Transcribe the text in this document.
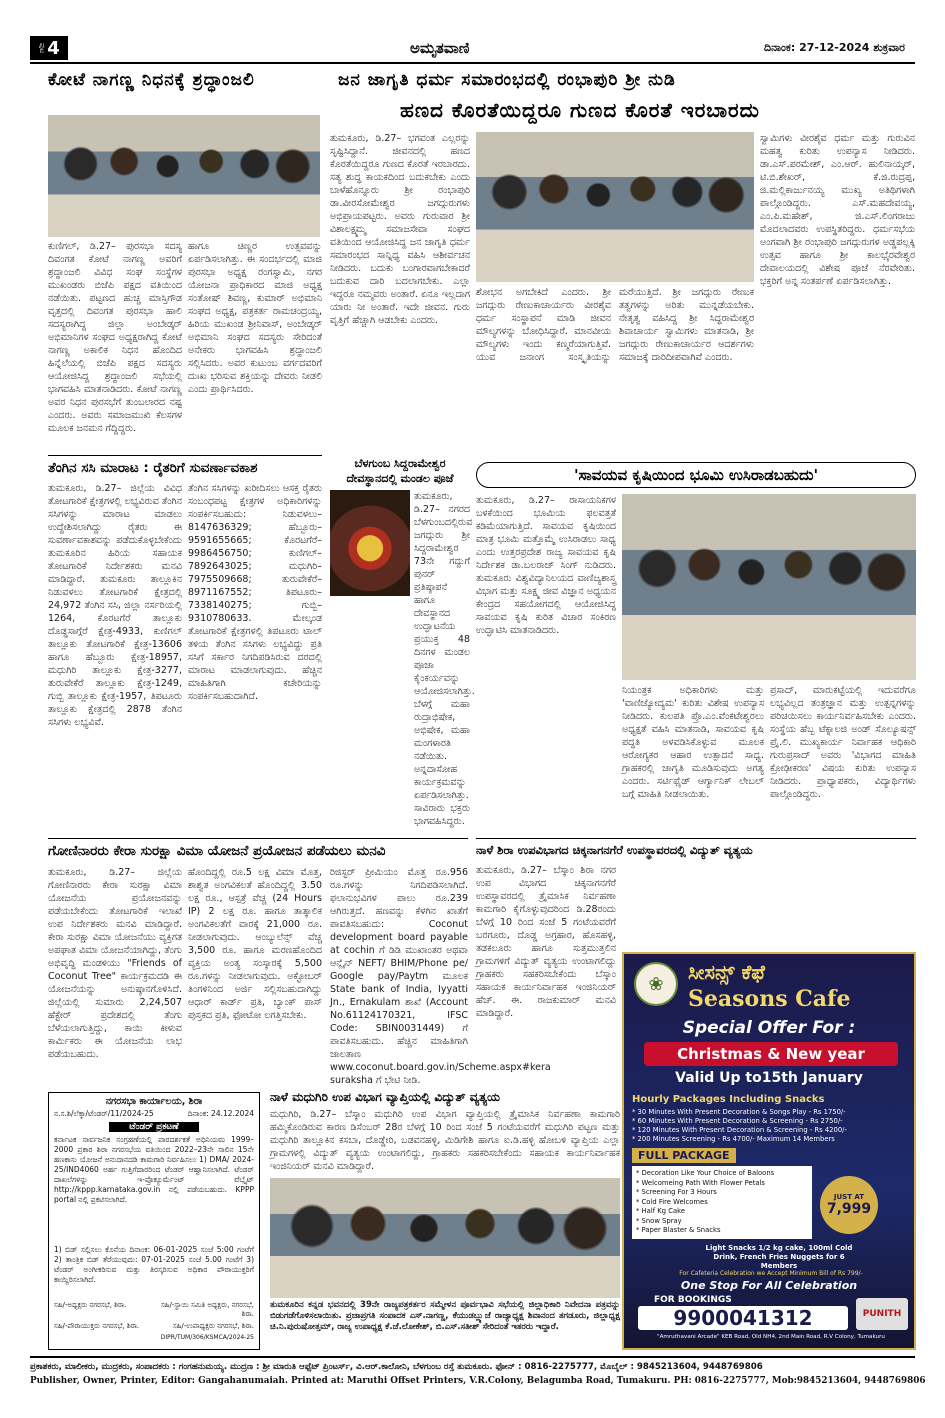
ಪುಟ 4	ಅಮೃತವಾಣಿ	ದಿನಾಂಕ: 27-12-2024 ಶುಕ್ರವಾರ
ಕೋಟೆ ನಾಗಣ್ಣ ನಿಧನಕ್ಕೆ ಶ್ರದ್ಧಾಂಜಲಿ
ಕುಣಿಗಲ್, ಡಿ.27– ಪುರಸಭಾ ಸದಸ್ಯ ದಿವಂಗತ ಕೋಟೆ ನಾಗಣ್ಣ ಅವರಿಗೆ ಶ್ರದ್ಧಾಂಜಲಿ ವಿವಿಧ ಸಂಘ ಸಂಸ್ಥೆಗಳ ಮುಖಂಡರು ಬಿಜೆಪಿ ಪಕ್ಷದ ವತಿಯಿಂದ ನಡೆಯಿತು. ಪಟ್ಟಣದ ಹುಚ್ಚ ಮಾಸ್ತಿಗೌಡ ವೃತ್ತದಲ್ಲಿ ದಿವಂಗತ ಪುರಸಭಾ ಹಾಲಿ ಸದಸ್ಯರಾಗಿದ್ದ ಜಿಲ್ಲಾ ಅಂಬೇಡ್ಕರ್ ಅಭಿಮಾನಿಗಳ ಸಂಘದ ಅಧ್ಯಕ್ಷರಾಗಿದ್ದ ಕೋಟೆ ನಾಗಣ್ಣ ಅಕಾಲಿಕ ನಿಧನ ಹೊಂದಿದ ಹಿನ್ನೆಲೆಯಲ್ಲಿ ಬಿಜೆಪಿ ಪಕ್ಷದ ಸದಸ್ಯರು ಆಯೋಜಿಸಿದ್ದ ಶ್ರದ್ಧಾಂಜಲಿ ಸಭೆಯಲ್ಲಿ ಭಾಗವಹಿಸಿ ಮಾತನಾಡಿದರು. ಕೋಟೆ ನಾಗಣ್ಣ ಅವರ ನಿಧನ ಪುರಸಭೆಗೆ ತುಂಬಲಾರದ ನಷ್ಟ ಎಂದರು. ಅವರು ಸಮಾಜಮುಖಿ ಕೆಲಸಗಳ ಮೂಲಕ ಜನಮನ ಗೆದ್ದಿದ್ದರು.
ಹಾಗೂ ಚಿಣ್ಣರ ಉತ್ಸವವನ್ನು ಏರ್ಪಡಿಸಲಾಗಿತ್ತು. ಈ ಸಂದರ್ಭದಲ್ಲಿ ಮಾಜಿ ಪುರಸಭಾ ಅಧ್ಯಕ್ಷ ರಂಗಸ್ವಾಮಿ, ನಗರ ಯೋಜನಾ ಪ್ರಾಧಿಕಾರದ ಮಾಜಿ ಅಧ್ಯಕ್ಷ ಸಂತೋಷ್ ಶಿವಣ್ಣ, ಕುಮಾರ್ ಅಭಿಮಾನಿ ಸಂಘದ ಅಧ್ಯಕ್ಷ, ಪತ್ರಕರ್ತ ರಾಮಚಂದ್ರಯ್ಯ, ಹಿರಿಯ ಮುಖಂಡ ಶ್ರೀನಿವಾಸ್, ಅಂಬೇಡ್ಕರ್ ಅಭಿಮಾನಿ ಸಂಘದ ಸದಸ್ಯರು ಸೇರಿದಂತೆ ಅನೇಕರು ಭಾಗವಹಿಸಿ ಶ್ರದ್ಧಾಂಜಲಿ ಸಲ್ಲಿಸಿದರು. ಅವರ ಕುಟುಂಬ ವರ್ಗದವರಿಗೆ ದುಃಖ ಭರಿಸುವ ಶಕ್ತಿಯನ್ನು ದೇವರು ನೀಡಲಿ ಎಂದು ಪ್ರಾರ್ಥಿಸಿದರು.
ತೆಂಗಿನ ಸಸಿ ಮಾರಾಟ : ರೈತರಿಗೆ ಸುವರ್ಣಾವಕಾಶ
ತುಮಕೂರು, ಡಿ.27– ಜಿಲ್ಲೆಯ ವಿವಿಧ ತೋಟಗಾರಿಕೆ ಕ್ಷೇತ್ರಗಳಲ್ಲಿ ಲಭ್ಯವಿರುವ ತೆಂಗಿನ ಸಸಿಗಳನ್ನು ಮಾರಾಟ ಮಾಡಲು ಉದ್ದೇಶಿಸಲಾಗಿದ್ದು ರೈತರು ಈ ಸುವರ್ಣಾವಕಾಶವನ್ನು ಪಡೆದುಕೊಳ್ಳಬೇಕೆಂದು ತುಮಕೂರಿನ ಹಿರಿಯ ಸಹಾಯಕ ತೋಟಗಾರಿಕೆ ನಿರ್ದೇಶಕರು ಮನವಿ ಮಾಡಿದ್ದಾರೆ. ತುಮಕೂರು ತಾಲ್ಲೂಕಿನ ನಿಡುವಳಲು ತೋಟಗಾರಿಕೆ ಕ್ಷೇತ್ರದಲ್ಲಿ 24,972 ತೆಂಗಿನ ಸಸಿ, ಜಿಲ್ಲಾ ನರ್ಸರಿಯಲ್ಲಿ 1264, ಕೊರಟಗೆರೆ ತಾಲ್ಲೂಕು ದೊಡ್ಡಸಾಗ್ಗೆರೆ ಕ್ಷೇತ್ರ-4933, ಕುಣಿಗಲ್ ತಾಲ್ಲೂಕು ತೋಟಗಾರಿಕೆ ಕ್ಷೇತ್ರ-13606 ಹಾಗೂ ಹೆಬ್ಬೂರು ಕ್ಷೇತ್ರ-18957, ಮಧುಗಿರಿ ತಾಲ್ಲೂಕು ಕ್ಷೇತ್ರ-3277, ತುರುವೇಕೆರೆ ತಾಲ್ಲೂಕು ಕ್ಷೇತ್ರ-1249, ಗುಬ್ಬಿ ತಾಲ್ಲೂಕು ಕ್ಷೇತ್ರ-1957, ತಿಪಟೂರು ತಾಲ್ಲೂಕು ಕ್ಷೇತ್ರದಲ್ಲಿ 2878 ತೆಂಗಿನ ಸಸಿಗಳು ಲಭ್ಯವಿವೆ.
ತೆಂಗಿನ ಸಸಿಗಳನ್ನು ಖರೀದಿಸಲು ಆಸಕ್ತ ರೈತರು ಸಂಬಂಧಪಟ್ಟ ಕ್ಷೇತ್ರಗಳ ಅಧಿಕಾರಿಗಳನ್ನು ಸಂಪರ್ಕಿಸಬಹುದು: ನಿಡುವಳಲು–8147636329; ಹೆಬ್ಬೂರು–9591655665; ಕೊರಟಗೆರೆ–9986456750; ಕುಣಿಗಲ್–7892643025; ಮಧುಗಿರಿ–7975509668; ತುರುವೇಕೆರೆ–8971167552; ತಿಪಟೂರು–7338140275; ಗುಬ್ಬಿ–9310780633. ಮೇಲ್ಕಂಡ ತೋಟಗಾರಿಕೆ ಕ್ಷೇತ್ರಗಳಲ್ಲಿ ತಿಪಟೂರು ಟಾಲ್ ತಳಿಯ ತೆಂಗಿನ ಸಸಿಗಳು ಲಭ್ಯವಿದ್ದು ಪ್ರತಿ ಸಸಿಗೆ ಸರ್ಕಾರ ನಿಗದಿಪಡಿಸಿರುವ ದರದಲ್ಲಿ ಮಾರಾಟ ಮಾಡಲಾಗುವುದು. ಹೆಚ್ಚಿನ ಮಾಹಿತಿಗಾಗಿ ಕಚೇರಿಯನ್ನು ಸಂಪರ್ಕಿಸಬಹುದಾಗಿದೆ.
ಗೋಣಿನಾರರು ಕೇರಾ ಸುರಕ್ಷಾ ವಿಮಾ ಯೋಜನೆ ಪ್ರಯೋಜನ ಪಡೆಯಲು ಮನವಿ
ತುಮಕೂರು, ಡಿ.27– ಜಿಲ್ಲೆಯ ಗೋಣಿನಾರರು ಕೇರಾ ಸುರಕ್ಷಾ ವಿಮಾ ಯೋಜನೆಯ ಪ್ರಯೋಜನವನ್ನು ಪಡೆಯಬೇಕೆಂದು ತೋಟಗಾರಿಕೆ ಇಲಾಖೆ ಉಪ ನಿರ್ದೇಶಕರು ಮನವಿ ಮಾಡಿದ್ದಾರೆ. ಕೇರಾ ಸುರಕ್ಷಾ ವಿಮಾ ಯೋಜನೆಯು ವ್ಯಕ್ತಿಗತ ಅಪಘಾತ ವಿಮಾ ಯೋಜನೆಯಾಗಿದ್ದು, ತೆಂಗು ಅಭಿವೃದ್ಧಿ ಮಂಡಳಿಯು "Friends of Coconut Tree" ಕಾರ್ಯಕ್ರಮದಡಿ ಈ ಯೋಜನೆಯನ್ನು ಅನುಷ್ಠಾನಗೊಳಿಸಿದೆ. ಜಿಲ್ಲೆಯಲ್ಲಿ ಸುಮಾರು 2,24,507 ಹೆಕ್ಟೇರ್ ಪ್ರದೇಶದಲ್ಲಿ ತೆಂಗು ಬೆಳೆಯಲಾಗುತ್ತಿದ್ದು, ಕಾಯಿ ಕೀಳುವ ಕಾರ್ಮಿಕರು ಈ ಯೋಜನೆಯ ಲಾಭ ಪಡೆಯಬಹುದು.
ಹೊಂದಿದ್ದಲ್ಲಿ ರೂ.5 ಲಕ್ಷ ವಿಮಾ ಮೊತ್ತ, ಶಾಶ್ವತ ಅಂಗವಿಕಲತೆ ಹೊಂದಿದ್ದಲ್ಲಿ 3.50 ಲಕ್ಷ ರೂ., ಆಸ್ಪತ್ರೆ ವೆಚ್ಚ (24 Hours IP) 2 ಲಕ್ಷ ರೂ. ಹಾಗೂ ತಾತ್ಕಾಲಿಕ ಅಂಗವಿಕಲತೆಗೆ ವಾರಕ್ಕೆ 21,000 ರೂ. ನೀಡಲಾಗುವುದು. ಆಂಬ್ಯುಲೆನ್ಸ್ ವೆಚ್ಚ 3,500 ರೂ. ಹಾಗೂ ಮರಣಹೊಂದಿದ ವ್ಯಕ್ತಿಯ ಅಂತ್ಯ ಸಂಸ್ಕಾರಕ್ಕೆ 5,500 ರೂ.ಗಳನ್ನು ನೀಡಲಾಗುವುದು. ಅಕ್ಟೋಬರ್ ತಿಂಗಳಿನಿಂದ ಅರ್ಜಿ ಸಲ್ಲಿಸಬಹುದಾಗಿದ್ದು ಆಧಾರ್ ಕಾರ್ಡ್ ಪ್ರತಿ, ಬ್ಯಾಂಕ್ ಪಾಸ್ ಪುಸ್ತಕದ ಪ್ರತಿ, ಫೋಟೋ ಲಗತ್ತಿಸಬೇಕು.
ರಿಜಿಸ್ಟರ್ ಪ್ರೀಮಿಯಂ ಮೊತ್ತ ರೂ.956 ರೂ.ಗಳನ್ನು ನಿಗದಿಪಡಿಸಲಾಗಿದೆ. ಫಲಾನುಭವಿಗಳ ಪಾಲು ರೂ.239 ಆಗಿರುತ್ತದೆ. ಹಣವನ್ನು ಕೆಳಗಿನ ಖಾತೆಗೆ ಪಾವತಿಸಬಹುದು: Coconut development board payable at cochin ಗೆ ಡಿಡಿ ಮುಖಾಂತರ ಅಥವಾ ಆನ್ಲೈನ್ NEFT/ BHIM/Phone pe/ Google pay/Paytm ಮೂಲಕ State bank of India, Iyyatti Jn., Ernakulam ಶಾಖೆ (Account No.61124170321, IFSC Code: SBIN0031449) ಗೆ ಪಾವತಿಸಬಹುದು. ಹೆಚ್ಚಿನ ಮಾಹಿತಿಗಾಗಿ ಜಾಲತಾಣ www.coconut.board.gov.in/Scheme.aspx#kera suraksha ಗೆ ಭೇಟಿ ನೀಡಿ.
ನಗರಸಭಾ ಕಾರ್ಯಾಲಯ, ಶಿರಾ
ನ.ಸ.ಶಿ/ಲೆಕ್ಕಾ/ಟೆಂಡರ್/11/2024-25	ದಿನಾಂಕ: 24.12.2024
ಟೆಂಡರ್ ಪ್ರಕಟಣೆ
ಕರ್ನಾಟಕ ಸಾರ್ವಜನಿಕ ಸಂಗ್ರಹಣೆಯಲ್ಲಿ ಪಾರದರ್ಶಕತೆ ಅಧಿನಿಯಮ 1999–2000 ಪ್ರಕಾರ ಶಿರಾ ನಗರಸಭೆಯ ವತಿಯಿಂದ 2022–23ನೇ ಸಾಲಿನ 15ನೇ ಹಣಕಾಸು ಯೋಜನೆ ಅನುದಾನದಡಿ ಕಾಮಗಾರಿ ನಿರ್ವಹಿಸಲು 1) DMA/ 2024-25/IND4060 ಅರ್ಹ ಗುತ್ತಿಗೆದಾರರಿಂದ ಟೆಂಡರ್ ಆಹ್ವಾನಿಸಲಾಗಿದೆ. ಟೆಂಡರ್ ದಾಖಲೆಗಳನ್ನು ಇ-ಪ್ರೊಕ್ಯೂರ್ಮೆಂಟ್ ವೆಬ್ಸೈಟ್ http://kppp.karnataka.gov.in ನಲ್ಲಿ ಪಡೆಯಬಹುದು. KPPP portal ನಲ್ಲಿ ಪ್ರಕಟಿಸಲಾಗಿದೆ.
1) ಬಿಡ್ ಸಲ್ಲಿಸಲು ಕೊನೆಯ ದಿನಾಂಕ: 06-01-2025 ಸಂಜೆ 5:00 ಗಂಟೆಗೆ 2) ತಾಂತ್ರಿಕ ಬಿಡ್ ತೆರೆಯುವುದು: 07-01-2025 ಸಂಜೆ 5.00 ಗಂಟೆಗೆ 3) ಟೆಂಡರ್ ಅಂಗೀಕರಿಸುವ ಮತ್ತು ತಿರಸ್ಕರಿಸುವ ಅಧಿಕಾರ ಪೌರಾಯುಕ್ತರಿಗೆ ಕಾಯ್ದಿರಿಸಲಾಗಿದೆ.
ಸಹಿ/-ಅಧ್ಯಕ್ಷರು ನಗರಸಭೆ, ಶಿರಾ.	ಸಹಿ/-ಸ್ಥಾಯಿ ಸಮಿತಿ ಅಧ್ಯಕ್ಷರು, ನಗರಸಭೆ, ಶಿರಾ.
ಸಹಿ/-ಪೌರಾಯುಕ್ತರು ನಗರಸಭೆ, ಶಿರಾ.	ಸಹಿ/-ಉಪಾಧ್ಯಕ್ಷರು ನಗರಸಭೆ, ಶಿರಾ.
DIPR/TUM/306/KSMCA/2024-25
ಜನ ಜಾಗೃತಿ ಧರ್ಮ ಸಮಾರಂಭದಲ್ಲಿ ರಂಭಾಪುರಿ ಶ್ರೀ ನುಡಿ
ಹಣದ ಕೊರತೆಯಿದ್ದರೂ ಗುಣದ ಕೊರತೆ ಇರಬಾರದು
ತುಮಕೂರು, ಡಿ.27– ಭಗವಂತ ಎಲ್ಲರನ್ನು ಸೃಷ್ಟಿಸಿದ್ದಾನೆ. ಜೀವನದಲ್ಲಿ ಹಣದ ಕೊರತೆಯಿದ್ದರೂ ಗುಣದ ಕೊರತೆ ಇರಬಾರದು. ಸತ್ಯ ಶುದ್ಧ ಕಾಯಕದಿಂದ ಬದುಕಬೇಕು ಎಂದು ಬಾಳೆಹೊನ್ನೂರು ಶ್ರೀ ರಂಭಾಪುರಿ ಡಾ.ವೀರಸೋಮೇಶ್ವರ ಜಗದ್ಗುರುಗಳು ಅಭಿಪ್ರಾಯಪಟ್ಟರು. ಅವರು ಗುರುವಾರ ಶ್ರೀ ವಿಶಾಲಕ್ಷ್ಮಮ್ಮ ಸಮಾಜಸೇವಾ ಸಂಘದ ವತಿಯಿಂದ ಆಯೋಜಿಸಿದ್ದ ಜನ ಜಾಗೃತಿ ಧರ್ಮ ಸಮಾರಂಭದ ಸಾನ್ನಿಧ್ಯ ವಹಿಸಿ ಆಶೀರ್ವಚನ ನೀಡಿದರು. ಬದುಕು ಬಂಗಾರವಾಗಬೇಕಾದರೆ ಬದುಕುವ ದಾರಿ ಬದಲಾಗಬೇಕು. ಎಲ್ಲಾ ಇದ್ದರೂ ನಮ್ಮವರು ಅಂತಾರೆ. ಏನೂ ಇಲ್ಲದಾಗ ಯಾರು ನೀ ಅಂತಾರೆ. ಇದೇ ಜೀವನ. ಗುರು ವೃತ್ತಿಗೆ ಹೆಚ್ಚಾಗಿ ಆಡಬೇಕು ಎಂದರು.
ಶೋಭನ ಅಗಬೇಕಿದೆ ಎಂದರು. ಶ್ರೀ ಜಗದ್ಗುರು ರೇಣುಕಾಚಾರ್ಯರು ವೀರಶೈವ ಧರ್ಮ ಸಂಸ್ಥಾಪನೆ ಮಾಡಿ ಜೀವನ ಮೌಲ್ಯಗಳನ್ನು ಬೋಧಿಸಿದ್ದಾರೆ. ಮಾನವೀಯ ಮೌಲ್ಯಗಳು ಇಂದು ಕಣ್ಮರೆಯಾಗುತ್ತಿವೆ. ಯುವ ಜನಾಂಗ ಸಂಸ್ಕೃತಿಯನ್ನು ಮರೆಯುತ್ತಿದೆ. ಶ್ರೀ ಜಗದ್ಗುರು ರೇಣುಕ ತತ್ವಗಳನ್ನು ಅರಿತು ಮುನ್ನಡೆಯಬೇಕು. ನೇತೃತ್ವ ವಹಿಸಿದ್ದ ಶ್ರೀ ಸಿದ್ಧರಾಮೇಶ್ವರ ಶಿವಾಚಾರ್ಯ ಸ್ವಾಮಿಗಳು ಮಾತನಾಡಿ, ಶ್ರೀ ಜಗದ್ಗುರು ರೇಣುಕಾಚಾರ್ಯರ ಆದರ್ಶಗಳು ಸಮಾಜಕ್ಕೆ ದಾರಿದೀಪವಾಗಿವೆ ಎಂದರು.
ಸ್ವಾಮಿಗಳು ವೀರಶೈವ ಧರ್ಮ ಮತ್ತು ಗುರುವಿನ ಮಹತ್ವ ಕುರಿತು ಉಪನ್ಯಾಸ ನೀಡಿದರು. ಡಾ.ಎಸ್.ಪರಮೇಶ್, ಎಂ.ಆರ್. ಹುಲಿನಾಯ್ಕರ್, ಟಿ.ಬಿ.ಶೇಖರ್, ಕೆ.ಜಿ.ರುದ್ರಪ್ಪ, ಜಿ.ಮಲ್ಲಿಕಾರ್ಜುನಯ್ಯ ಮುಖ್ಯ ಅತಿಥಿಗಳಾಗಿ ಪಾಲ್ಗೊಂಡಿದ್ದರು. ಎಸ್.ಮಹದೇವಯ್ಯ, ಎಂ.ಪಿ.ಮಹೇಶ್, ಜಿ.ಎಸ್.ಲಿಂಗರಾಜು ಮೊದಲಾದವರು ಉಪಸ್ಥಿತರಿದ್ದರು. ಧರ್ಮಸಭೆಯ ಅಂಗವಾಗಿ ಶ್ರೀ ರಂಭಾಪುರಿ ಜಗದ್ಗುರುಗಳ ಅಡ್ಡಪಲ್ಲಕ್ಕಿ ಉತ್ಸವ ಹಾಗೂ ಶ್ರೀ ಕಾಲಭೈರವೇಶ್ವರ ದೇವಾಲಯದಲ್ಲಿ ವಿಶೇಷ ಪೂಜೆ ನೆರವೇರಿತು. ಭಕ್ತರಿಗೆ ಅನ್ನ ಸಂತರ್ಪಣೆ ಏರ್ಪಡಿಸಲಾಗಿತ್ತು.
ಬೆಳಗುಂಬ ಸಿದ್ದರಾಮೇಶ್ವರ ದೇವಸ್ಥಾನದಲ್ಲಿ ಮಂಡಲ ಪೂಜೆ
ತುಮಕೂರು, ಡಿ.27– ನಗರದ ಬೆಳಗುಂಬದಲ್ಲಿರುವ ಜಗದ್ಗುರು ಶ್ರೀ ಸಿದ್ದರಾಮೇಶ್ವರ 73ನೇ ಗದ್ದುಗೆ ಪುನರ್ ಪ್ರತಿಷ್ಠಾಪನೆ ಹಾಗೂ ದೇವಸ್ಥಾನದ ಉದ್ಘಾಟನೆಯ ಪ್ರಯುಕ್ತ 48 ದಿನಗಳ ಮಂಡಲ ಪೂಜಾ ಕೈಂಕರ್ಯವನ್ನು ಆಯೋಜಿಸಲಾಗಿತ್ತು. ಬೆಳಗ್ಗೆ ಮಹಾ ರುದ್ರಾಭಿಷೇಕ, ಅಭಿಷೇಕ, ಮಹಾ ಮಂಗಳಾರತಿ ನಡೆಯಿತು. ಅನ್ನದಾಸೋಹ ಕಾರ್ಯಕ್ರಮವನ್ನು ಏರ್ಪಡಿಸಲಾಗಿತ್ತು. ಸಾವಿರಾರು ಭಕ್ತರು ಭಾಗವಹಿಸಿದ್ದರು.
'ಸಾವಯವ ಕೃಷಿಯಿಂದ ಭೂಮಿ ಉಸಿರಾಡಬಹುದು'
ತುಮಕೂರು, ಡಿ.27– ರಾಸಾಯನಿಕಗಳ ಬಳಕೆಯಿಂದ ಭೂಮಿಯ ಫಲವತ್ತತೆ ಕಡಿಮೆಯಾಗುತ್ತಿದೆ. ಸಾವಯವ ಕೃಷಿಯಿಂದ ಮಾತ್ರ ಭೂಮಿ ಮತ್ತೊಮ್ಮೆ ಉಸಿರಾಡಲು ಸಾಧ್ಯ ಎಂದು ಉತ್ತರಪ್ರದೇಶ ರಾಜ್ಯ ಸಾವಯವ ಕೃಷಿ ನಿರ್ದೇಶಕ ಡಾ.ಬಲರಾಜ್ ಸಿಂಗ್ ನುಡಿದರು. ತುಮಕೂರು ವಿಶ್ವವಿದ್ಯಾನಿಲಯದ ವಾಣಿಜ್ಯಶಾಸ್ತ್ರ ವಿಭಾಗ ಮತ್ತು ಸೂಕ್ಷ್ಮ ಜೀವ ವಿಜ್ಞಾನ ಅಧ್ಯಯನ ಕೇಂದ್ರದ ಸಹಯೋಗದಲ್ಲಿ ಆಯೋಜಿಸಿದ್ದ ಸಾವಯವ ಕೃಷಿ ಕುರಿತ ವಿಚಾರ ಸಂಕಿರಣ ಉದ್ಘಾಟಿಸಿ ಮಾತನಾಡಿದರು.
ನಿಯಂತ್ರಕ ಅಧಿಕಾರಿಗಳು ಮತ್ತು 'ವಾಣಿಜ್ಯೋದ್ಯಮ' ಕುರಿತು ವಿಶೇಷ ಉಪನ್ಯಾಸ ನೀಡಿದರು. ಕುಲಪತಿ ಪ್ರೊ.ಎಂ.ವೆಂಕಟೇಶ್ವರಲು ಅಧ್ಯಕ್ಷತೆ ವಹಿಸಿ ಮಾತನಾಡಿ, ಸಾವಯವ ಕೃಷಿ ಪದ್ಧತಿ ಅಳವಡಿಸಿಕೊಳ್ಳುವ ಮೂಲಕ ಆರೋಗ್ಯಕರ ಆಹಾರ ಉತ್ಪಾದನೆ ಸಾಧ್ಯ. ಗ್ರಾಹಕರಲ್ಲಿ ಜಾಗೃತಿ ಮೂಡಿಸುವುದು ಅಗತ್ಯ ಎಂದರು. ಸರ್ಟಿಫೈಡ್ ಆರ್ಗ್ಯಾನಿಕ್ ಲೇಬಲ್ ಬಗ್ಗೆ ಮಾಹಿತಿ ನೀಡಲಾಯಿತು.
ಪ್ರಸಾದ್, ಮಾರುಕಟ್ಟೆಯಲ್ಲಿ ಇದುವರೆಗೂ ಲಭ್ಯವಿಲ್ಲದ ತಂತ್ರಜ್ಞಾನ ಮತ್ತು ಉತ್ಪನ್ನಗಳನ್ನು ಪರಿಚಯಿಸಲು ಕಾರ್ಯನಿರ್ವಹಿಸಬೇಕು ಎಂದರು. ಸಂಸ್ಥೆಯ ಹೆಬ್ಬ ಟೆಕ್ನಾಲಜಿ ಅಂಡ್ ಸೊಲ್ಯೂಷನ್ಸ್ ಪ್ರೈ.ಲಿ. ಮುಖ್ಯಕಾರ್ಯ ನಿರ್ವಾಹಕ ಆಧಿಕಾರಿ ಗುರುಪ್ರಸಾದ್ ಅವರು 'ವಿಭಾಗದ ಮಾಹಿತಿ ಕ್ರೋಢೀಕರಣ' ವಿಷಯ ಕುರಿತು ಉಪನ್ಯಾಸ ನೀಡಿದರು. ಪ್ರಾಧ್ಯಾಪಕರು, ವಿದ್ಯಾರ್ಥಿಗಳು ಪಾಲ್ಗೊಂಡಿದ್ದರು.
ನಾಳೆ ಶಿರಾ ಉಪವಿಭಾಗದ ಚಿಕ್ಕನಾಗನಗೆರೆ ಉಪಸ್ಥಾವರದಲ್ಲಿ ವಿದ್ಯುತ್ ವ್ಯತ್ಯಯ
ತುಮಕೂರು, ಡಿ.27– ಬೆಸ್ಕಾಂ ಶಿರಾ ನಗರ ಉಪ ವಿಭಾಗದ ಚಿಕ್ಕನಾಗನಗೆರೆ ಉಪಸ್ಥಾವರದಲ್ಲಿ ತ್ರೈಮಾಸಿಕ ನಿರ್ವಹಣಾ ಕಾಮಗಾರಿ ಕೈಗೊಳ್ಳುವುದರಿಂದ ಡಿ.28ರಂದು ಬೆಳಗ್ಗೆ 10 ರಿಂದ ಸಂಜೆ 5 ಗಂಟೆಯವರೆಗೆ ಬರಗೂರು, ದೊಡ್ಡ ಅಗ್ರಹಾರ, ಹೊಸಹಳ್ಳಿ, ತಡಕಲೂರು ಹಾಗೂ ಸುತ್ತಮುತ್ತಲಿನ ಗ್ರಾಮಗಳಿಗೆ ವಿದ್ಯುತ್ ವ್ಯತ್ಯಯ ಉಂಟಾಗಲಿದ್ದು ಗ್ರಾಹಕರು ಸಹಕರಿಸಬೇಕೆಂದು ಬೆಸ್ಕಾಂ ಸಹಾಯಕ ಕಾರ್ಯನಿರ್ವಾಹಕ ಇಂಜಿನಿಯರ್ ಹೆಚ್. ಈ. ರಾಜಕುಮಾರ್ ಮನವಿ ಮಾಡಿದ್ದಾರೆ.
ನಾಳೆ ಮಧುಗಿರಿ ಉಪ ವಿಭಾಗ ವ್ಯಾಪ್ತಿಯಲ್ಲಿ ವಿದ್ಯುತ್ ವ್ಯತ್ಯಯ
ಮಧುಗಿರಿ, ಡಿ.27– ಬೆಸ್ಕಾಂ ಮಧುಗಿರಿ ಉಪ ವಿಭಾಗ ವ್ಯಾಪ್ತಿಯಲ್ಲಿ ತ್ರೈಮಾಸಿಕ ನಿರ್ವಹಣಾ ಕಾಮಗಾರಿ ಹಮ್ಮಿಕೊಂಡಿರುವ ಕಾರಣ ಡಿಸೆಂಬರ್ 28ರ ಬೆಳಗ್ಗೆ 10 ರಿಂದ ಸಂಜೆ 5 ಗಂಟೆಯವರೆಗೆ ಮಧುಗಿರಿ ಪಟ್ಟಣ ಮತ್ತು ಮಧುಗಿರಿ ತಾಲ್ಲೂಕಿನ ಕಸಬಾ, ದೊಡ್ಡೇರಿ, ಬಡವನಹಳ್ಳಿ, ಮಿಡಿಗೇಶಿ ಹಾಗೂ ಐ.ಡಿ.ಹಳ್ಳಿ ಹೋಬಳಿ ವ್ಯಾಪ್ತಿಯ ಎಲ್ಲಾ ಗ್ರಾಮಗಳಲ್ಲಿ ವಿದ್ಯುತ್ ವ್ಯತ್ಯಯ ಉಂಟಾಗಲಿದ್ದು, ಗ್ರಾಹಕರು ಸಹಕರಿಸಬೇಕೆಂದು ಸಹಾಯಕ ಕಾರ್ಯನಿರ್ವಾಹಕ ಇಂಜಿನಿಯರ್ ಮನವಿ ಮಾಡಿದ್ದಾರೆ.
ತುಮಕೂರಿನ ಕನ್ನಡ ಭವನದಲ್ಲಿ 39ನೇ ರಾಜ್ಯಪತ್ರಕರ್ತರ ಸಮ್ಮೇಳನ ಪೂರ್ವಭಾವಿ ಸಭೆಯಲ್ಲಿ ಜಿಲ್ಲಾಧಿಕಾರಿ ನಿವೇದನಾ ಪತ್ರವನ್ನು ಬಿಡುಗಡೆಗೊಳಿಸಲಾಯಿತು. ಪ್ರಜಾಪ್ರಗತಿ ಸಂಪಾದಕ ಎಸ್.ನಾಗಣ್ಣ, ಕೆಯುಡಬ್ಲ್ಯುಜೆ ರಾಜ್ಯಾಧ್ಯಕ್ಷ ಶಿವಾನಂದ ತಗಡೂರು, ಜಿಲ್ಲಾಧ್ಯಕ್ಷ ಚಿ.ನಿ.ಪುರುಷೋತ್ತಮ್, ರಾಜ್ಯ ಉಪಾಧ್ಯಕ್ಷ ಕೆ.ಜೆ.ಲೋಕೇಶ್, ಬಿ.ಎಸ್.ಸತೀಶ್ ಸೇರಿದಂತೆ ಇತರರು ಇದ್ದಾರೆ.
❀	ಸೀಸನ್ಸ್ ಕೆಫೆ
Seasons Cafe
Special Offer For :
Christmas & New year
Valid Up to15th January
Hourly Packages Including Snacks
* 30 Minutes With Present Decoration & Songs Play - Rs 1750/-
* 60 Minutes With Present Decoration & Screening - Rs 2750/-
* 120 Minutes With Present Decoration & Screening - Rs 4200/-
* 200 Minutes Screening - Rs 4700/- Maximum 14 Members
FULL PACKAGE
* Decoration Like Your Choice of Baloons
* Welcomeing Path With Flower Petals
* Screening For 3 Hours
* Cold Fire Welcomes
* Half Kg Cake
* Snow Spray
* Paper Blaster & Snacks
JUST AT
7,999
Light Snacks 1/2 kg cake, 100ml Cold Drink, French Fries Nuggets for 6 Members
For Cafeteria Celebration we Accept Minimum Bill of Rs 799/-
One Stop For All Celebration
FOR BOOKINGS
9900041312	PUNITH
"Amruthavani Arcade" KEB Road, Old NH4, 2nd Main Road, R.V Colony, Tumakuru
ಪ್ರಕಾಶಕರು, ಮಾಲೀಕರು, ಮುದ್ರಕರು, ಸಂಪಾದಕರು : ಗಂಗಹನುಮಯ್ಯ. ಮುದ್ರಣ : ಶ್ರೀ ಮಾರುತಿ ಆಫ್ಸೆಟ್ ಪ್ರಿಂಟರ್ಸ್, ವಿ.ಆರ್.ಕಾಲೋನಿ, ಬೆಳಗುಂಬ ರಸ್ತೆ ತುಮಕೂರು. ಫೋನ್ : 0816-2275777, ಮೊಬೈಲ್ : 9845213604, 9448769806
Publisher, Owner, Printer, Editor: Gangahanumaiah. Printed at: Maruthi Offset Printers, V.R.Colony, Belagumba Road, Tumakuru. PH: 0816-2275777, Mob:9845213604, 9448769806
